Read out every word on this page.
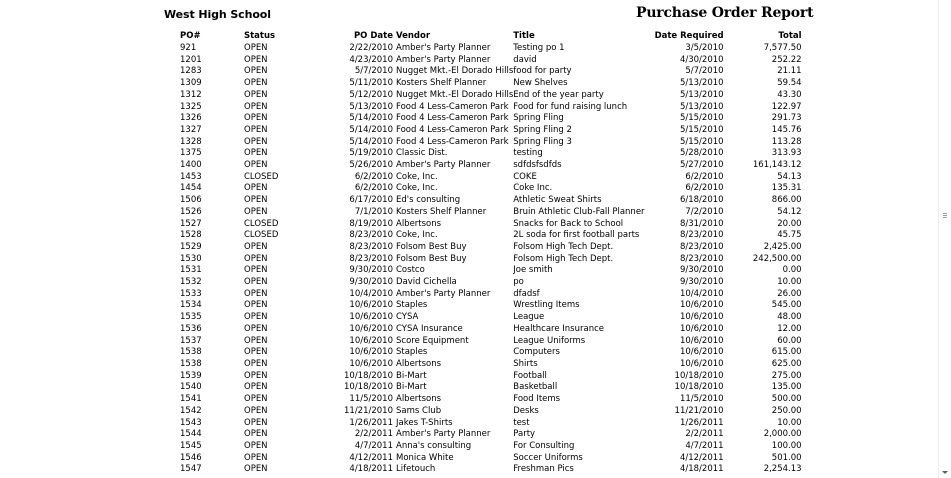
West High School	Purchase Order Report
PO#	Status	PO Date	Vendor	Title	Date Required	Total
921	OPEN	2/22/2010	Amber's Party Planner	Testing po 1	3/5/2010	7,577.50
1201	OPEN	4/23/2010	Amber's Party Planner	david	4/30/2010	252.22
1283	OPEN	5/7/2010	Nugget Mkt.-El Dorado Hills	food for party	5/7/2010	21.11
1309	OPEN	5/11/2010	Kosters Shelf Planner	New Shelves	5/13/2010	59.54
1312	OPEN	5/12/2010	Nugget Mkt.-El Dorado Hills	End of the year party	5/13/2010	43.30
1325	OPEN	5/13/2010	Food 4 Less-Cameron Park	Food for fund raising lunch	5/13/2010	122.97
1326	OPEN	5/14/2010	Food 4 Less-Cameron Park	Spring Fling	5/15/2010	291.73
1327	OPEN	5/14/2010	Food 4 Less-Cameron Park	Spring Fling 2	5/15/2010	145.76
1328	OPEN	5/14/2010	Food 4 Less-Cameron Park	Spring Fling 3	5/15/2010	113.28
1375	OPEN	5/19/2010	Classic Dist.	testing	5/28/2010	313.93
1400	OPEN	5/26/2010	Amber's Party Planner	sdfdsfsdfds	5/27/2010	161,143.12
1453	CLOSED	6/2/2010	Coke, Inc.	COKE	6/2/2010	54.13
1454	OPEN	6/2/2010	Coke, Inc.	Coke Inc.	6/2/2010	135.31
1506	OPEN	6/17/2010	Ed's consulting	Athletic Sweat Shirts	6/18/2010	866.00
1526	OPEN	7/1/2010	Kosters Shelf Planner	Bruin Athletic Club-Fall Planner	7/2/2010	54.12
1527	CLOSED	8/19/2010	Albertsons	Snacks for Back to School	8/31/2010	20.00
1528	CLOSED	8/23/2010	Coke, Inc.	2L soda for first football parts	8/23/2010	45.75
1529	OPEN	8/23/2010	Folsom Best Buy	Folsom High Tech Dept.	8/23/2010	2,425.00
1530	OPEN	8/23/2010	Folsom Best Buy	Folsom High Tech Dept.	8/23/2010	242,500.00
1531	OPEN	9/30/2010	Costco	Joe smith	9/30/2010	0.00
1532	OPEN	9/30/2010	David Cichella	po	9/30/2010	10.00
1533	OPEN	10/4/2010	Amber's Party Planner	dfadsf	10/4/2010	26.00
1534	OPEN	10/6/2010	Staples	Wrestling Items	10/6/2010	545.00
1535	OPEN	10/6/2010	CYSA	League	10/6/2010	48.00
1536	OPEN	10/6/2010	CYSA Insurance	Healthcare Insurance	10/6/2010	12.00
1537	OPEN	10/6/2010	Score Equipment	League Uniforms	10/6/2010	60.00
1538	OPEN	10/6/2010	Staples	Computers	10/6/2010	615.00
1538	OPEN	10/6/2010	Albertsons	Shirts	10/6/2010	625.00
1539	OPEN	10/18/2010	Bi-Mart	Football	10/18/2010	275.00
1540	OPEN	10/18/2010	Bi-Mart	Basketball	10/18/2010	135.00
1541	OPEN	11/5/2010	Albertsons	Food Items	11/5/2010	500.00
1542	OPEN	11/21/2010	Sams Club	Desks	11/21/2010	250.00
1543	OPEN	1/26/2011	Jakes T-Shirts	test	1/26/2011	10.00
1544	OPEN	2/2/2011	Amber's Party Planner	Party	2/2/2011	2,000.00
1545	OPEN	4/7/2011	Anna's consulting	For Consulting	4/7/2011	100.00
1546	OPEN	4/12/2011	Monica White	Soccer Uniforms	4/12/2011	501.00
1547	OPEN	4/18/2011	Lifetouch	Freshman Pics	4/18/2011	2,254.13
